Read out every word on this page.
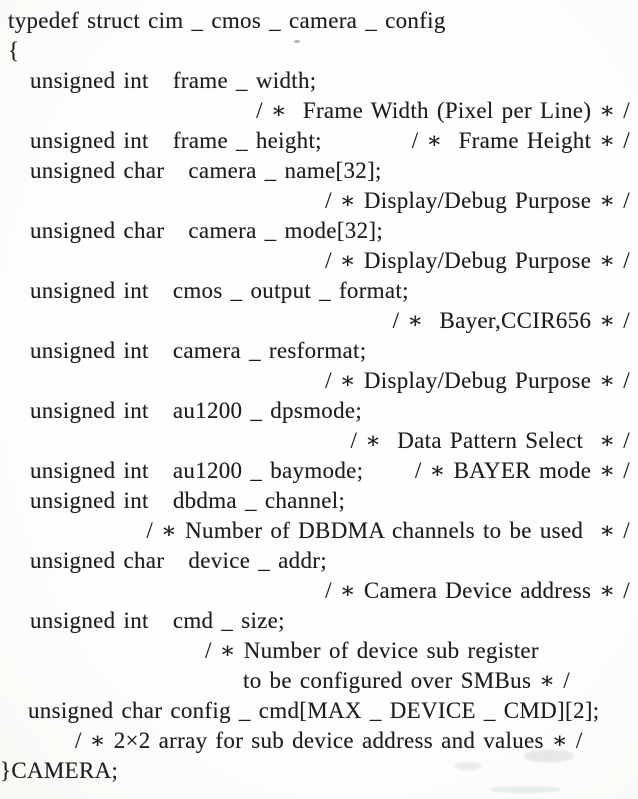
typedef struct cim _ cmos _ camera _ config
{
unsigned int   frame _ width;
/ ∗  Frame Width (Pixel per Line) ∗ /
unsigned int   frame _ height;	/ ∗  Frame Height ∗ /
unsigned char   camera _ name[32];
/ ∗ Display/Debug Purpose ∗ /
unsigned char   camera _ mode[32];
/ ∗ Display/Debug Purpose ∗ /
unsigned int   cmos _ output _ format;
/ ∗  Bayer,CCIR656 ∗ /
unsigned int   camera _ resformat;
/ ∗ Display/Debug Purpose ∗ /
unsigned int   au1200 _ dpsmode;
/ ∗  Data Pattern Select  ∗ /
unsigned int   au1200 _ baymode; / ∗ BAYER mode ∗ /
unsigned int   dbdma _ channel;
/ ∗ Number of DBDMA channels to be used  ∗ /
unsigned char   device _ addr;
/ ∗ Camera Device address ∗ /
unsigned int   cmd _ size;
/ ∗ Number of device sub register
to be configured over SMBus ∗ /
unsigned char config _ cmd[MAX _ DEVICE _ CMD][2];
/ ∗ 2×2 array for sub device address and values ∗ /
}CAMERA;
